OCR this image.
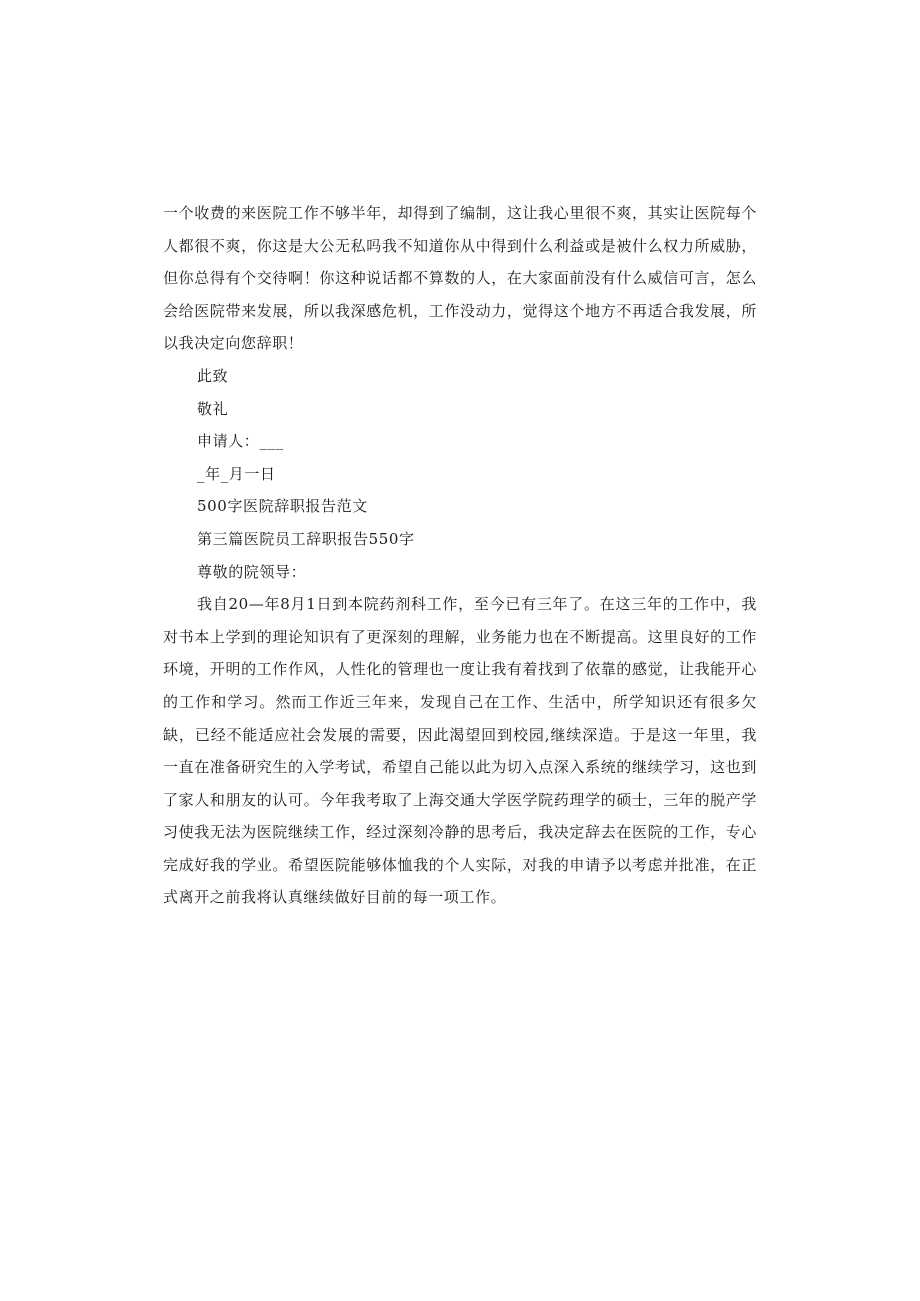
一个收费的来医院工作不够半年，却得到了编制，这让我心里很不爽，其实让医院每个人都很不爽，你这是大公无私吗我不知道你从中得到什么利益或是被什么权力所威胁，但你总得有个交待啊！你这种说话都不算数的人，在大家面前没有什么威信可言，怎么会给医院带来发展，所以我深感危机，工作没动力，觉得这个地方不再适合我发展，所以我决定向您辞职！

此致

敬礼

申请人：___

_年_月一日

500字医院辞职报告范文

第三篇医院员工辞职报告550字

尊敬的院领导：

我自20—年8月1日到本院药剂科工作，至今已有三年了。在这三年的工作中，我对书本上学到的理论知识有了更深刻的理解，业务能力也在不断提高。这里良好的工作环境，开明的工作作风，人性化的管理也一度让我有着找到了依靠的感觉，让我能开心的工作和学习。然而工作近三年来，发现自己在工作、生活中，所学知识还有很多欠缺，已经不能适应社会发展的需要，因此渴望回到校园,继续深造。于是这一年里，我一直在准备研究生的入学考试，希望自己能以此为切入点深入系统的继续学习，这也到了家人和朋友的认可。今年我考取了上海交通大学医学院药理学的硕士，三年的脱产学习使我无法为医院继续工作，经过深刻冷静的思考后，我决定辞去在医院的工作，专心完成好我的学业。希望医院能够体恤我的个人实际，对我的申请予以考虑并批准，在正式离开之前我将认真继续做好目前的每一项工作。
